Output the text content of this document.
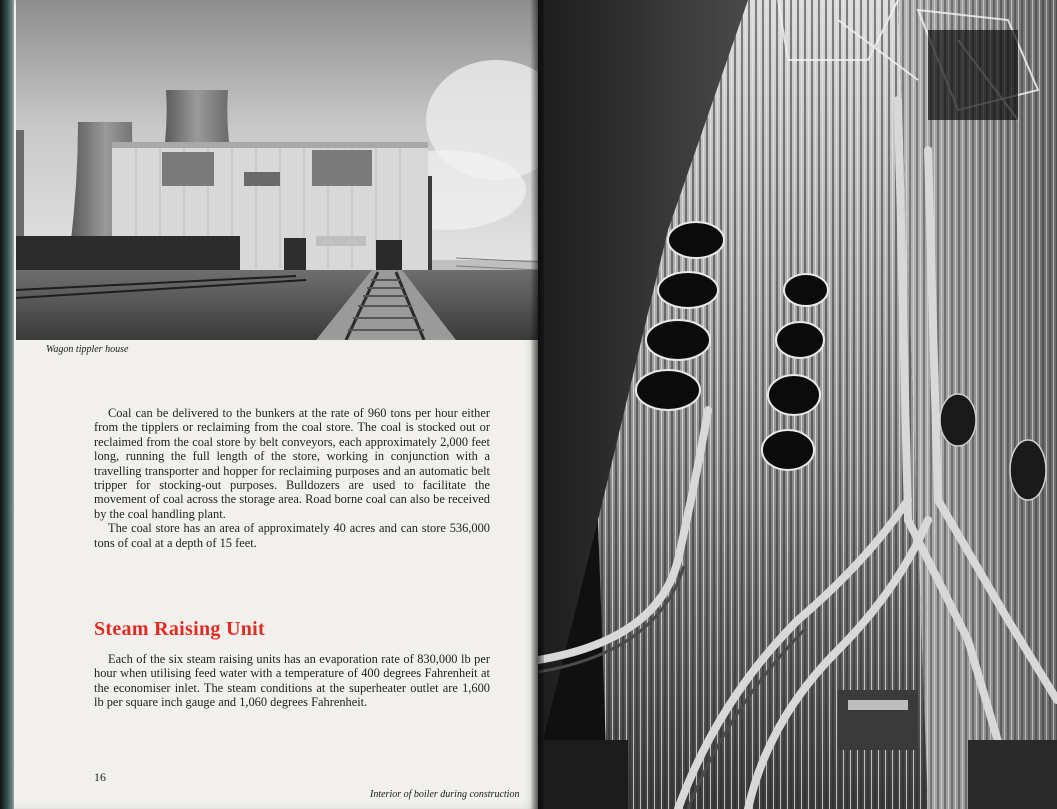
Wagon tippler house

Coal can be delivered to the bunkers at the rate of 960 tons per hour either from the tipplers or reclaiming from the coal store. The coal is stocked out or reclaimed from the coal store by belt conveyors, each approximately 2,000 feet long, running the full length of the store, working in conjunction with a travelling transporter and hopper for reclaiming purposes and an automatic belt tripper for stocking-out purposes. Bulldozers are used to facilitate the movement of coal across the storage area. Road borne coal can also be received by the coal handling plant.

The coal store has an area of approximately 40 acres and can store 536,000 tons of coal at a depth of 15 feet.

Steam Raising Unit

Each of the six steam raising units has an evaporation rate of 830,000 lb per hour when utilising feed water with a temperature of 400 degrees Fahrenheit at the economiser inlet. The steam conditions at the superheater outlet are 1,600 lb per square inch gauge and 1,060 degrees Fahrenheit.

16
Interior of boiler during construction
